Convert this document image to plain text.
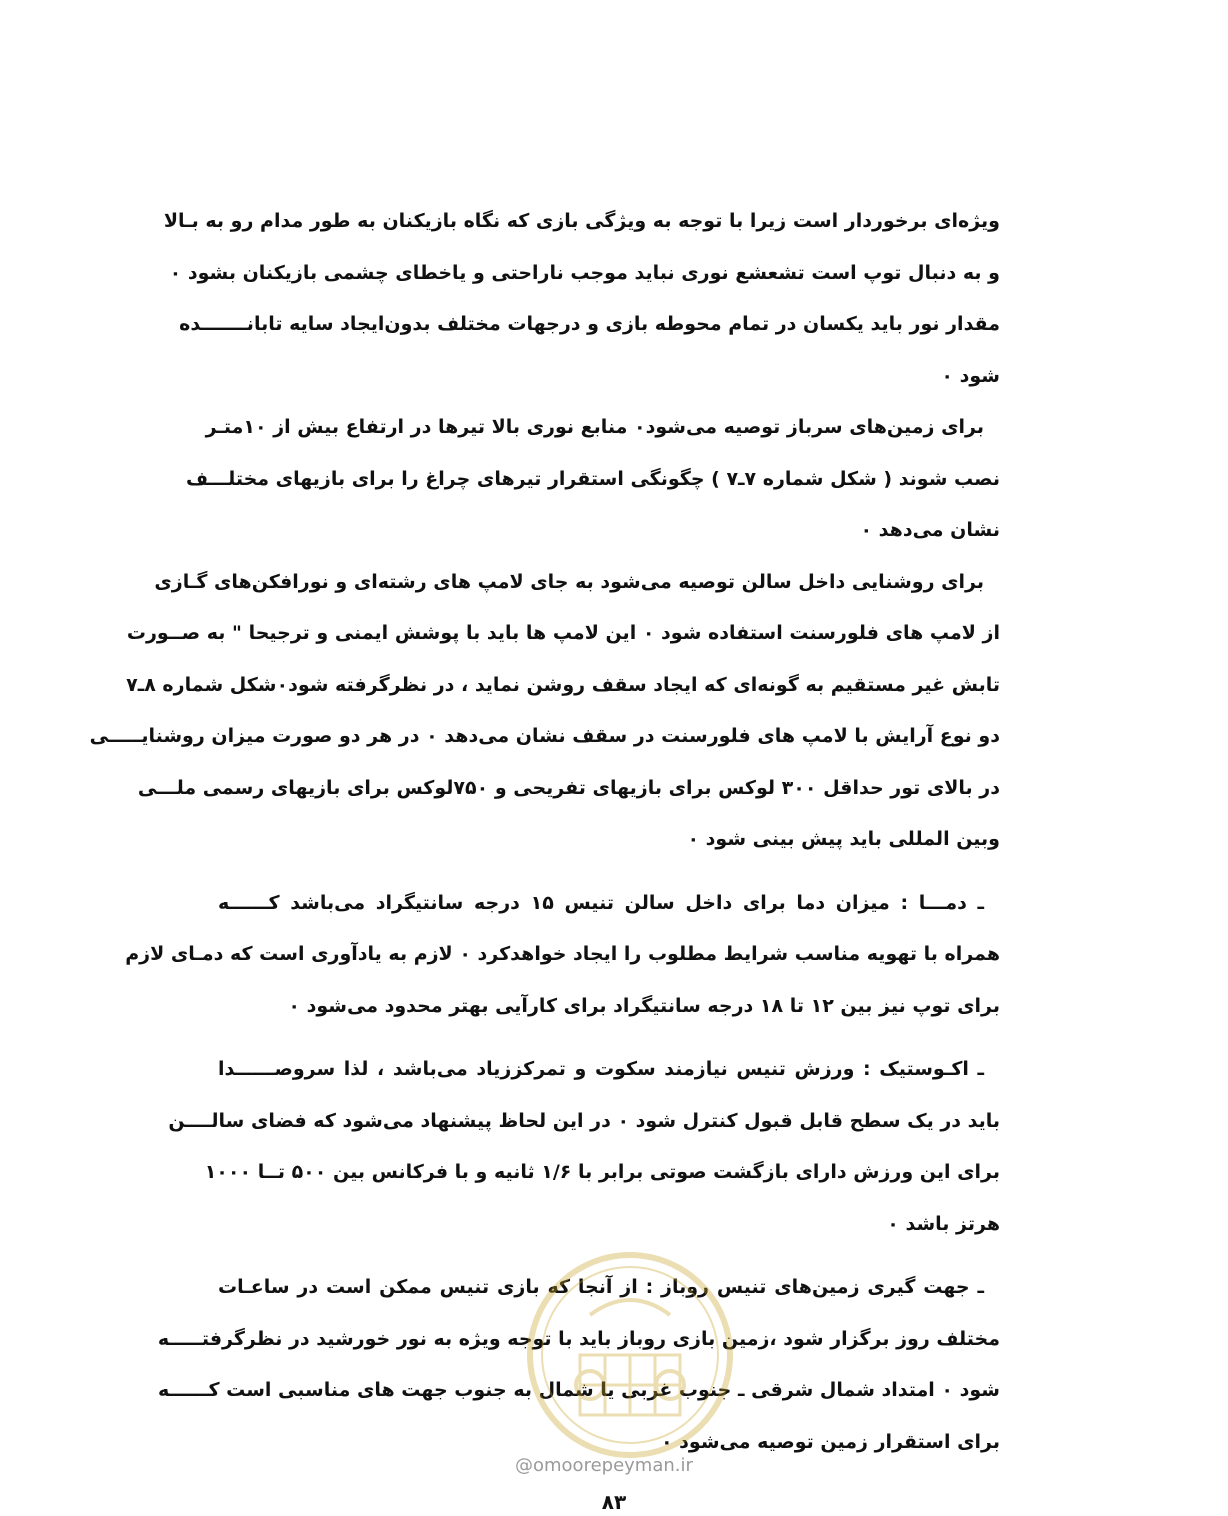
ویژه‌ای برخوردار است زیرا با توجه به ویژگی بازی که نگاه بازیکنان به طور مدام رو به بـالا
و به دنبال توپ است تشعشع نوری نباید موجب ناراحتی و یاخطای چشمی بازیکنان بشود ۰
مقدار نور باید یکسان در تمام محوطه بازی و درجهات مختلف بدون‌ایجاد سایه تابانـــــــده
شود ۰
برای زمین‌های سرباز توصیه می‌شود۰ منابع نوری بالا تیرها در ارتفاع بیش از ۱۰متـر
نصب شوند ( شکل شماره ۷ـ۷ ) چگونگی استقرار تیرهای چراغ را برای بازیهای مختلـــف
نشان می‌دهد ۰
برای روشنایی داخل سالن توصیه می‌شود به جای لامپ های رشته‌ای و نورافکن‌های گـازی
از لامپ های فلورسنت استفاده شود ۰ این لامپ ها باید با پوشش ایمنی و ترجیحا " به صــورت
تابش غیر مستقیم به گونه‌ای که ایجاد سقف روشن نماید ، در نظرگرفته شود۰شکل شماره ۸ـ۷
دو نوع آرایش با لامپ های فلورسنت در سقف نشان می‌دهد ۰ در هر دو صورت میزان روشنایـــــی
در بالای تور حداقل ۳۰۰ لوکس برای بازیهای تفریحی و ۷۵۰لوکس برای بازیهای رسمی ملـــی
وبین المللی باید پیش بینی شود ۰
ـ دمـــا : میزان دما برای داخل سالن تنیس ۱۵ درجه سانتیگراد می‌باشد کــــــه
همراه با تهویه مناسب شرایط مطلوب را ایجاد خواهدکرد ۰ لازم به یادآوری است که دمـای لازم
برای توپ نیز بین ۱۲ تا ۱۸ درجه سانتیگراد برای کارآیی بهتر محدود می‌شود ۰
ـ اکـوستیک : ورزش تنیس نیازمند سکوت و تمرکززیاد می‌باشد ، لذا سروصــــــدا
باید در یک سطح قابل قبول کنترل شود ۰ در این لحاظ پیشنهاد می‌شود که فضای سالــــن
برای این ورزش دارای بازگشت صوتی برابر با ۱/۶ ثانیه و با فرکانس بین ۵۰۰ تــا ۱۰۰۰
هرتز باشد ۰
ـ جهت گیری زمین‌های تنیس روباز : از آنجا که بازی تنیس ممکن است در ساعـات
مختلف روز برگزار شود ،زمین بازی روباز باید با توجه ویژه به نور خورشید در نظرگرفتـــــه
شود ۰ امتداد شمال شرقی ـ جنوب غربی یا شمال به جنوب جهت های مناسبی است کــــــه
برای استقرار زمین توصیه می‌شود ۰
@omoorepeyman.ir
۸۳
